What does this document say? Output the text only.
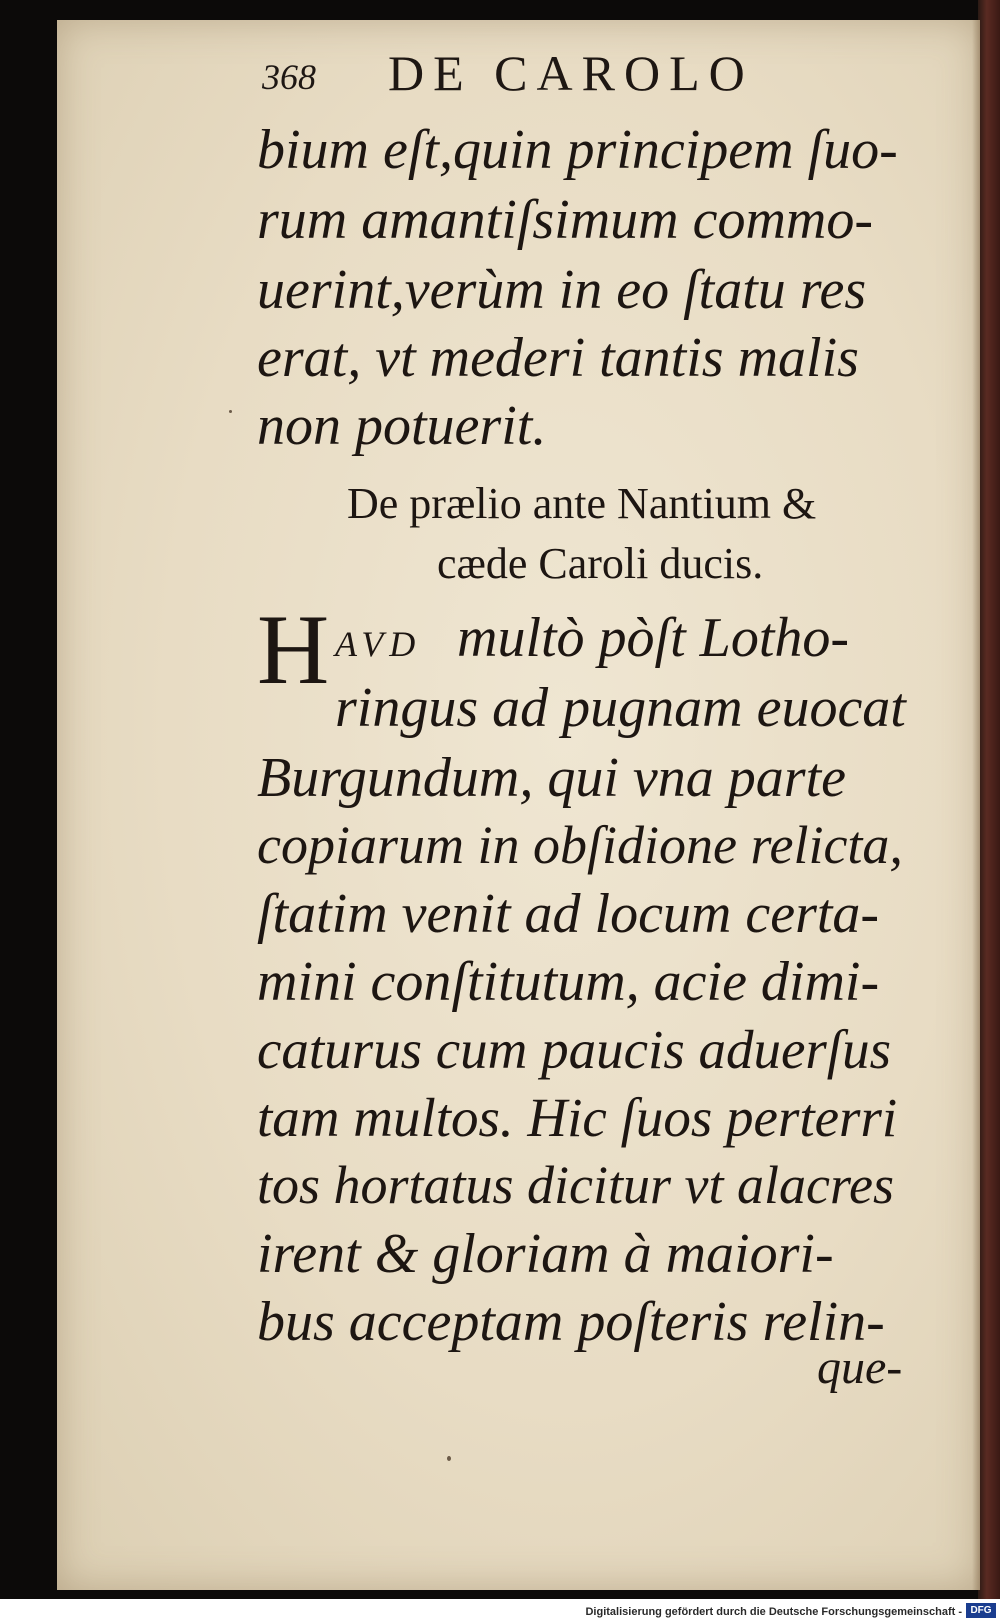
368 DE CAROLO
bium eſt,quin principem ſuo-
rum amantiſsimum commo-
uerint,verùm in eo ſtatu res
erat, vt mederi tantis malis
non potuerit.
De prælio ante Nantium &
cæde Caroli ducis.
AVD multò pòſt Lotho-
ringus ad pugnam euocat
Burgundum, qui vna parte
copiarum in obſidione relicta,
ſtatim venit ad locum certa-
mini conſtitutum, acie dimi-
caturus cum paucis aduerſus
tam multos. Hic ſuos perterri
tos hortatus dicitur vt alacres
irent & gloriam à maiori-
bus acceptam poſteris relin-
H
que-
Digitalisierung gefördert durch die Deutsche Forschungsgemeinschaft - DFG
